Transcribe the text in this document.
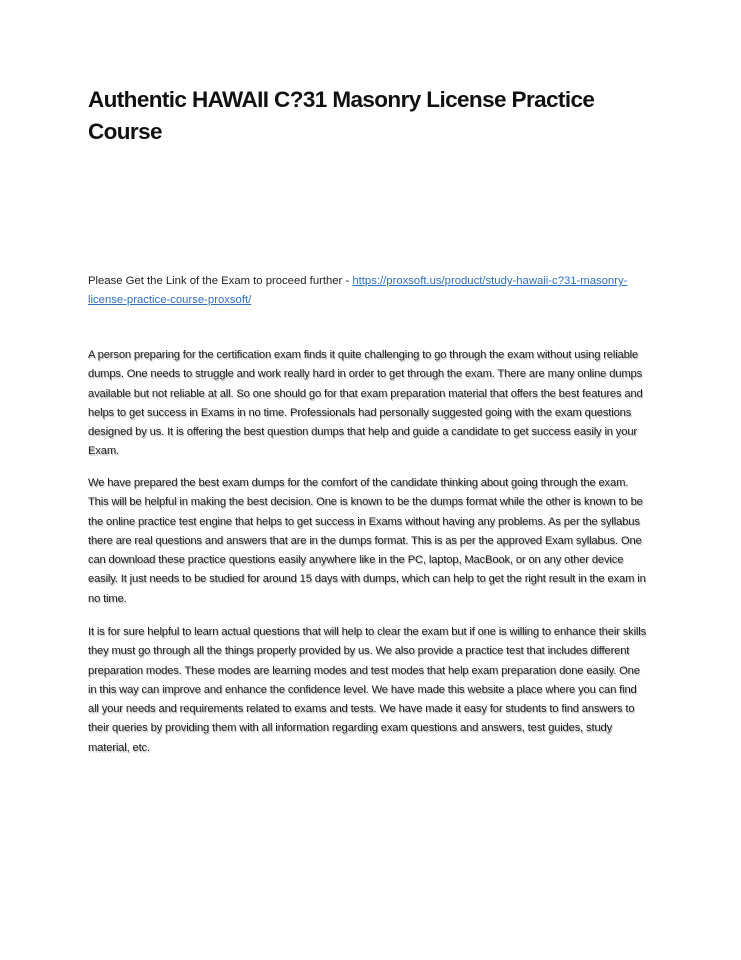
Authentic HAWAII C?31 Masonry License Practice Course

Please Get the Link of the Exam to proceed further - https://proxsoft.us/product/study-hawaii-c?31-masonry-license-practice-course-proxsoft/

A person preparing for the certification exam finds it quite challenging to go through the exam without using reliable dumps. One needs to struggle and work really hard in order to get through the exam. There are many online dumps available but not reliable at all. So one should go for that exam preparation material that offers the best features and helps to get success in Exams in no time. Professionals had personally suggested going with the exam questions designed by us. It is offering the best question dumps that help and guide a candidate to get success easily in your Exam.

We have prepared the best exam dumps for the comfort of the candidate thinking about going through the exam. This will be helpful in making the best decision. One is known to be the dumps format while the other is known to be the online practice test engine that helps to get success in Exams without having any problems. As per the syllabus there are real questions and answers that are in the dumps format. This is as per the approved Exam syllabus. One can download these practice questions easily anywhere like in the PC, laptop, MacBook, or on any other device easily. It just needs to be studied for around 15 days with dumps, which can help to get the right result in the exam in no time.

It is for sure helpful to learn actual questions that will help to clear the exam but if one is willing to enhance their skills they must go through all the things properly provided by us. We also provide a practice test that includes different preparation modes. These modes are learning modes and test modes that help exam preparation done easily. One in this way can improve and enhance the confidence level. We have made this website a place where you can find all your needs and requirements related to exams and tests. We have made it easy for students to find answers to their queries by providing them with all information regarding exam questions and answers, test guides, study material, etc.
